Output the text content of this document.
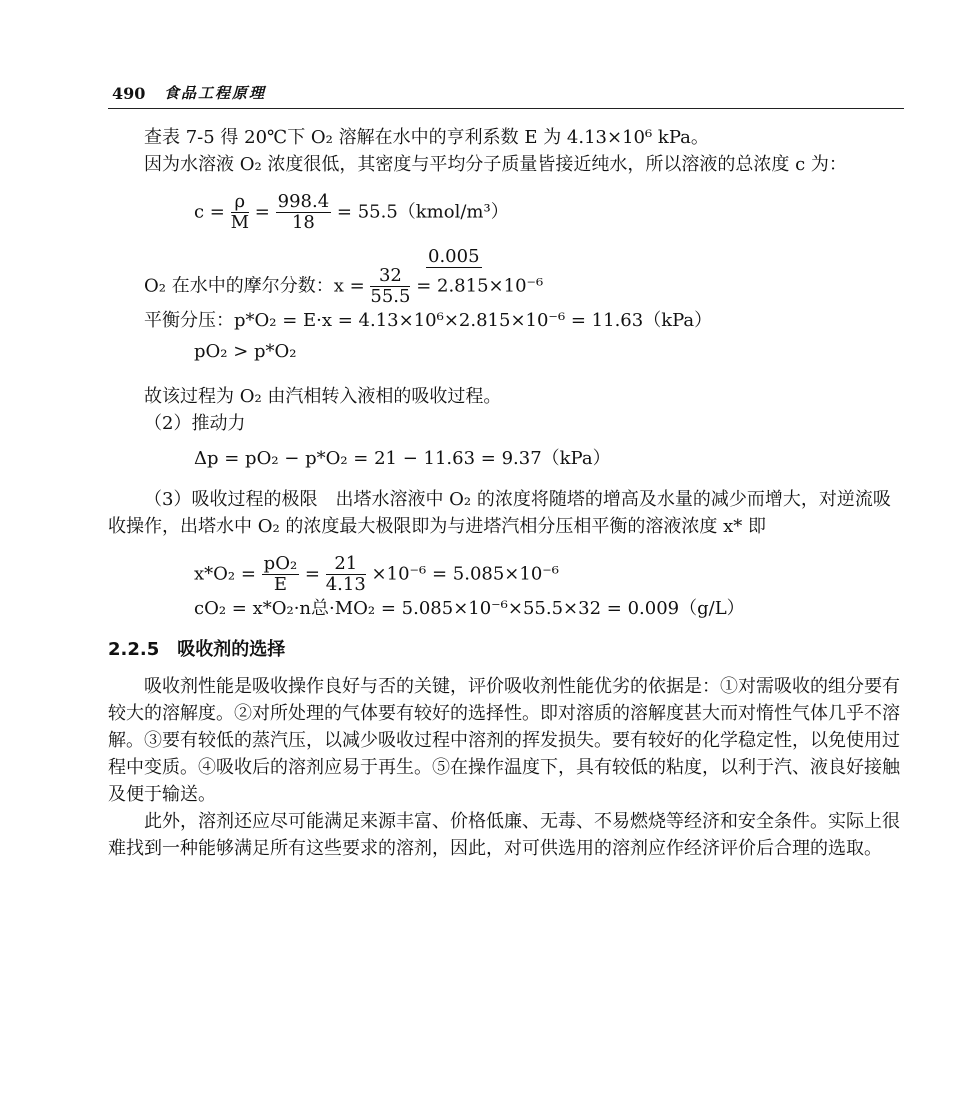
490 食品工程原理

查表 7-5 得 20℃下 O₂ 溶解在水中的亨利系数 E 为 4.13×10⁶ kPa。

因为水溶液 O₂ 浓度很低，其密度与平均分子质量皆接近纯水，所以溶液的总浓度 c 为：

$c = \frac{\rho}{M} = \frac{998.4}{18}$ = 55.5（kmol/m³）

0.005

O₂ 在水中的摩尔分数：$x = \frac{32}{55.5} = 2.815\times 10^{-6}$

平衡分压：p*O₂ = E·x = 4.13×10⁶×2.815×10⁻⁶ = 11.63（kPa）

pO₂ > p*O₂

故该过程为 O₂ 由汽相转入液相的吸收过程。

（2）推动力

Δp = pO₂ − p*O₂ = 21 − 11.63 = 9.37（kPa）

（3）吸收过程的极限　出塔水溶液中 O₂ 的浓度将随塔的增高及水量的减少而增大，对逆流吸收操作，出塔水中 O₂ 的浓度最大极限即为与进塔汽相分压相平衡的溶液浓度 x* 即

$x*O_2 = \frac{\text{pO₂}}{E} = \frac{21}{4.13} \times 10^{-6} = 5.085\times 10^{-6}$

cO₂ = x*O₂·n总·MO₂ = 5.085×10⁻⁶×55.5×32 = 0.009（g/L）

2.2.5　吸收剂的选择

吸收剂性能是吸收操作良好与否的关键，评价吸收剂性能优劣的依据是：①对需吸收的组分要有较大的溶解度。②对所处理的气体要有较好的选择性。即对溶质的溶解度甚大而对惰性气体几乎不溶解。③要有较低的蒸汽压，以减少吸收过程中溶剂的挥发损失。要有较好的化学稳定性，以免使用过程中变质。④吸收后的溶剂应易于再生。⑤在操作温度下，具有较低的粘度，以利于汽、液良好接触及便于输送。

此外，溶剂还应尽可能满足来源丰富、价格低廉、无毒、不易燃烧等经济和安全条件。实际上很难找到一种能够满足所有这些要求的溶剂，因此，对可供选用的溶剂应作经济评价后合理的选取。
